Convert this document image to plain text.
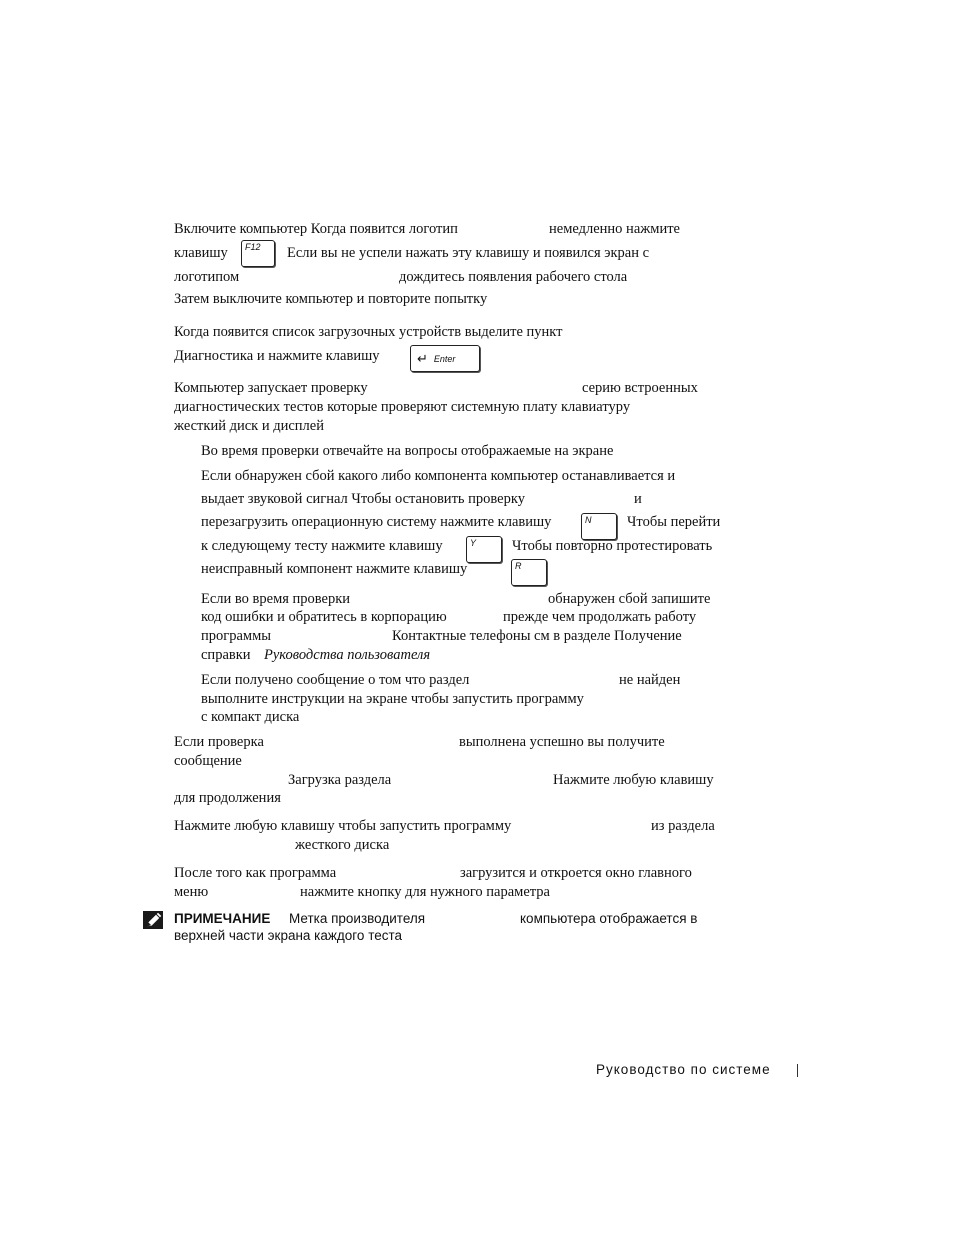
Включите компьютер Когда появится логотип	немедленно нажмите
клавишу	F12	Если вы не успели нажать эту клавишу и появился экран с
логотипом	дождитесь появления рабочего стола
Затем выключите компьютер и повторите попытку
Когда появится список загрузочных устройств выделите пункт
Диагностика и нажмите клавишу	↵ Enter
Компьютер запускает проверку	серию встроенных
диагностических тестов которые проверяют системную плату клавиатуру
жесткий диск и дисплей
Во время проверки отвечайте на вопросы отображаемые на экране
Если обнаружен сбой какого либо компонента компьютер останавливается и
выдает звуковой сигнал Чтобы остановить проверку	и
перезагрузить операционную систему нажмите клавишу	N	Чтобы перейти
к следующему тесту нажмите клавишу	Y	Чтобы повторно протестировать
неисправный компонент нажмите клавишу	R
Если во время проверки	обнаружен сбой запишите
код ошибки и обратитесь в корпорацию	прежде чем продолжать работу
программы	Контактные телефоны см в разделе Получение
справки Руководства пользователя
Если получено сообщение о том что раздел	не найден
выполните инструкции на экране чтобы запустить программу
с компакт диска
Если проверка	выполнена успешно вы получите
сообщение
Загрузка раздела	Нажмите любую клавишу
для продолжения
Нажмите любую клавишу чтобы запустить программу	из раздела
жесткого диска
После того как программа	загрузится и откроется окно главного
меню	нажмите кнопку для нужного параметра
ПРИМЕЧАНИЕ Метка производителя	компьютера отображается в
верхней части экрана каждого теста
Руководство по системе
